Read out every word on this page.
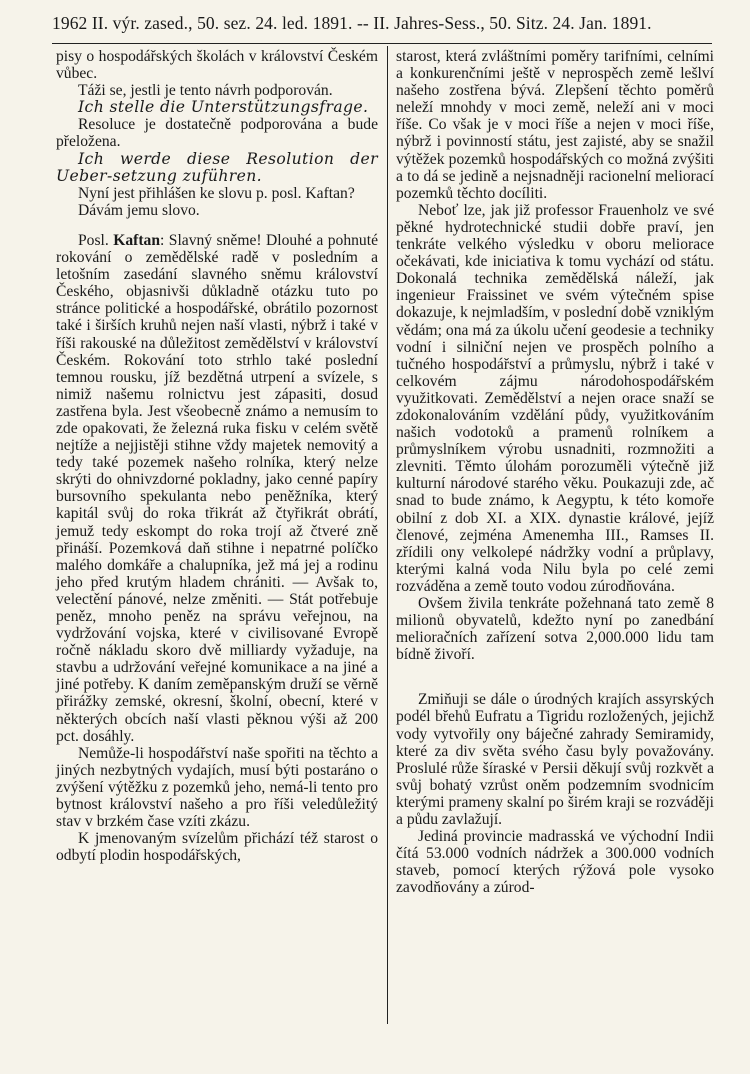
1962 II. výr. zased., 50. sez. 24. led. 1891. -- II. Jahres-Sess., 50. Sitz. 24. Jan. 1891.

pisy o hospodářských školách v království Českém vůbec.

Táži se, jestli je tento návrh podporován.

Ich stelle die Unterstützungsfrage.

Resoluce je dostatečně podporována a bude přeložena.

Ich werde diese Resolution der Ueber-setzung zuführen.

Nyní jest přihlášen ke slovu p. posl. Kaftan?

Dávám jemu slovo.

Posl. Kaftan: Slavný sněme! Dlouhé a pohnuté rokování o zemědělské radě v posledním a letošním zasedání slavného sněmu království Českého, objasnivši důkladně otázku tuto po stránce politické a hospodářské, obrátilo pozornost také i širších kruhů nejen naší vlasti, nýbrž i také v říši rakouské na důležitost zemědělství v království Českém. Rokování toto strhlo také poslední temnou rousku, jíž bezdětná utrpení a svízele, s nimiž našemu rolnictvu jest zápasiti, dosud zastřena byla. Jest všeobecně známo a nemusím to zde opakovati, že železná ruka fisku v celém světě nejtíže a nejjistěji stihne vždy majetek nemovitý a tedy také pozemek našeho rolníka, který nelze skrýti do ohnivzdorné pokladny, jako cenné papíry bursovního spekulanta nebo peněžníka, který kapitál svůj do roka třikrát až čtyřikrát obrátí, jemuž tedy eskompt do roka trojí až čtveré zně přináší. Pozemková daň stihne i nepatrné políčko malého domkáře a chalupníka, jež má jej a rodinu jeho před krutým hladem chrániti. — Avšak to, velectění pánové, nelze změniti. — Stát potřebuje peněz, mnoho peněz na správu veřejnou, na vydržování vojska, které v civilisované Evropě ročně nákladu skoro dvě milliardy vyžaduje, na stavbu a udržování veřejné komunikace a na jiné a jiné potřeby. K daním zeměpanským druží se věrně přirážky zemské, okresní, školní, obecní, které v některých obcích naší vlasti pěknou výši až 200 pct. dosáhly.

Nemůže-li hospodářství naše spořiti na těchto a jiných nezbytných vydajích, musí býti postaráno o zvýšení výtěžku z pozemků jeho, nemá-li tento pro bytnost království našeho a pro říši veledůležitý stav v brzkém čase vzíti zkázu.

K jmenovaným svízelům přichází též starost o odbytí plodin hospodářských,

starost, která zvláštními poměry tarifními, celními a konkurenčními ještě v neprospěch země lešlví našeho zostřena bývá. Zlepšení těchto poměrů neleží mnohdy v moci země, neleží ani v moci říše. Co však je v moci říše a nejen v moci říše, nýbrž i povinností státu, jest zajisté, aby se snažil výtěžek pozemků hospodářských co možná zvýšiti a to dá se jedině a nejsnadněji racionelní meliorací pozemků těchto docíliti.

Neboť lze, jak již professor Frauenholz ve své pěkné hydrotechnické studii dobře praví, jen tenkráte velkého výsledku v oboru meliorace očekávati, kde iniciativa k tomu vychází od státu. Dokonalá technika zemědělská náleží, jak ingenieur Fraissinet ve svém výtečném spise dokazuje, k nejmladším, v poslední době vzniklým vědám; ona má za úkolu učení geodesie a techniky vodní i silniční nejen ve prospěch polního a tučného hospodářství a průmyslu, nýbrž i také v celkovém zájmu národohospodářském využitkovati. Zemědělství a nejen orace snaží se zdokonalováním vzdělání půdy, využitkováním našich vodotoků a pramenů rolníkem a průmyslníkem výrobu usnadniti, rozmnožiti a zlevniti. Těmto úlohám porozuměli výtečně již kulturní národové starého věku. Poukazuji zde, ač snad to bude známo, k Aegyptu, k této komoře obilní z dob XI. a XIX. dynastie králové, jejíž členové, zejména Amenemha III., Ramses II. zřídili ony velkolepé nádržky vodní a průplavy, kterými kalná voda Nilu byla po celé zemi rozváděna a země touto vodou zúrodňována.

Ovšem živila tenkráte požehnaná tato země 8 milionů obyvatelů, kdežto nyní po zanedbání melioračních zařízení sotva 2,000.000 lidu tam bídně živoří.

Zmiňuji se dále o úrodných krajích assyrských podél břehů Eufratu a Tigridu rozložených, jejichž vody vytvořily ony báječné zahrady Semiramidy, které za div světa svého času byly považovány. Proslulé růže šíraské v Persii děkují svůj rozkvět a svůj bohatý vzrůst oněm podzemním svodnicím kterými prameny skalní po širém kraji se rozváději a půdu zavlažují.

Jediná provincie madrasská ve východní Indii čítá 53.000 vodních nádržek a 300.000 vodních staveb, pomocí kterých rýžová pole vysoko zavodňovány a zúrod-
